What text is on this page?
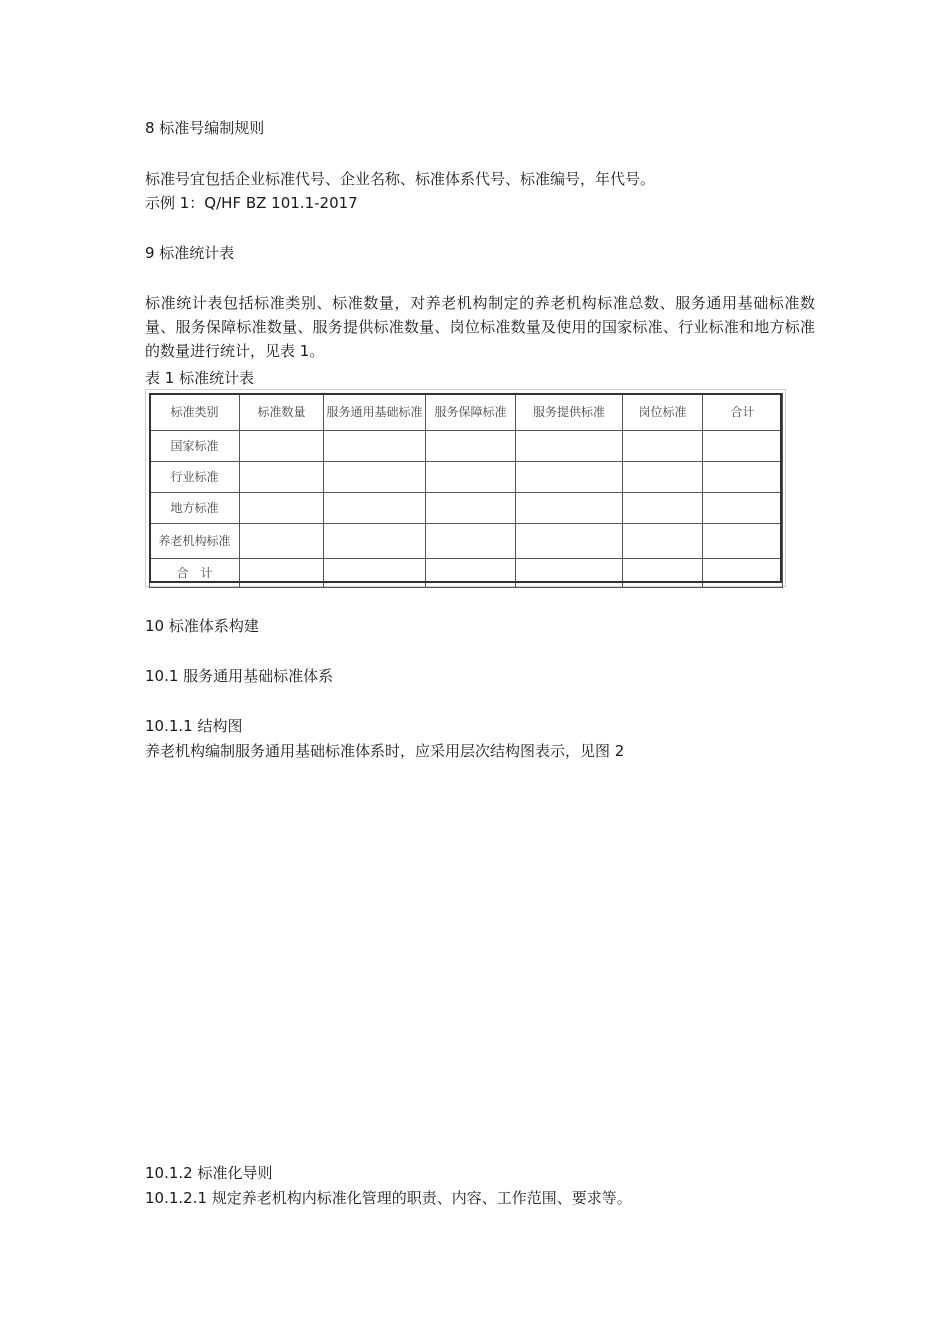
8 标准号编制规则
标准号宜包括企业标准代号、企业名称、标准体系代号、标准编号，年代号。
示例 1：Q/HF BZ 101.1-2017
9 标准统计表
标准统计表包括标准类别、标准数量，对养老机构制定的养老机构标准总数、服务通用基础标准数量、服务保障标准数量、服务提供标准数量、岗位标准数量及使用的国家标准、行业标准和地方标准的数量进行统计，见表 1。
表 1 标准统计表
标准类别	标准数量	服务通用基础标准	服务保障标准	服务提供标准	岗位标准	合计
国家标准						
行业标准						
地方标准						
养老机构标准						
合　计						
10 标准体系构建
10.1 服务通用基础标准体系
10.1.1 结构图
养老机构编制服务通用基础标准体系时，应采用层次结构图表示，见图 2
10.1.2 标准化导则
10.1.2.1 规定养老机构内标准化管理的职责、内容、工作范围、要求等。
